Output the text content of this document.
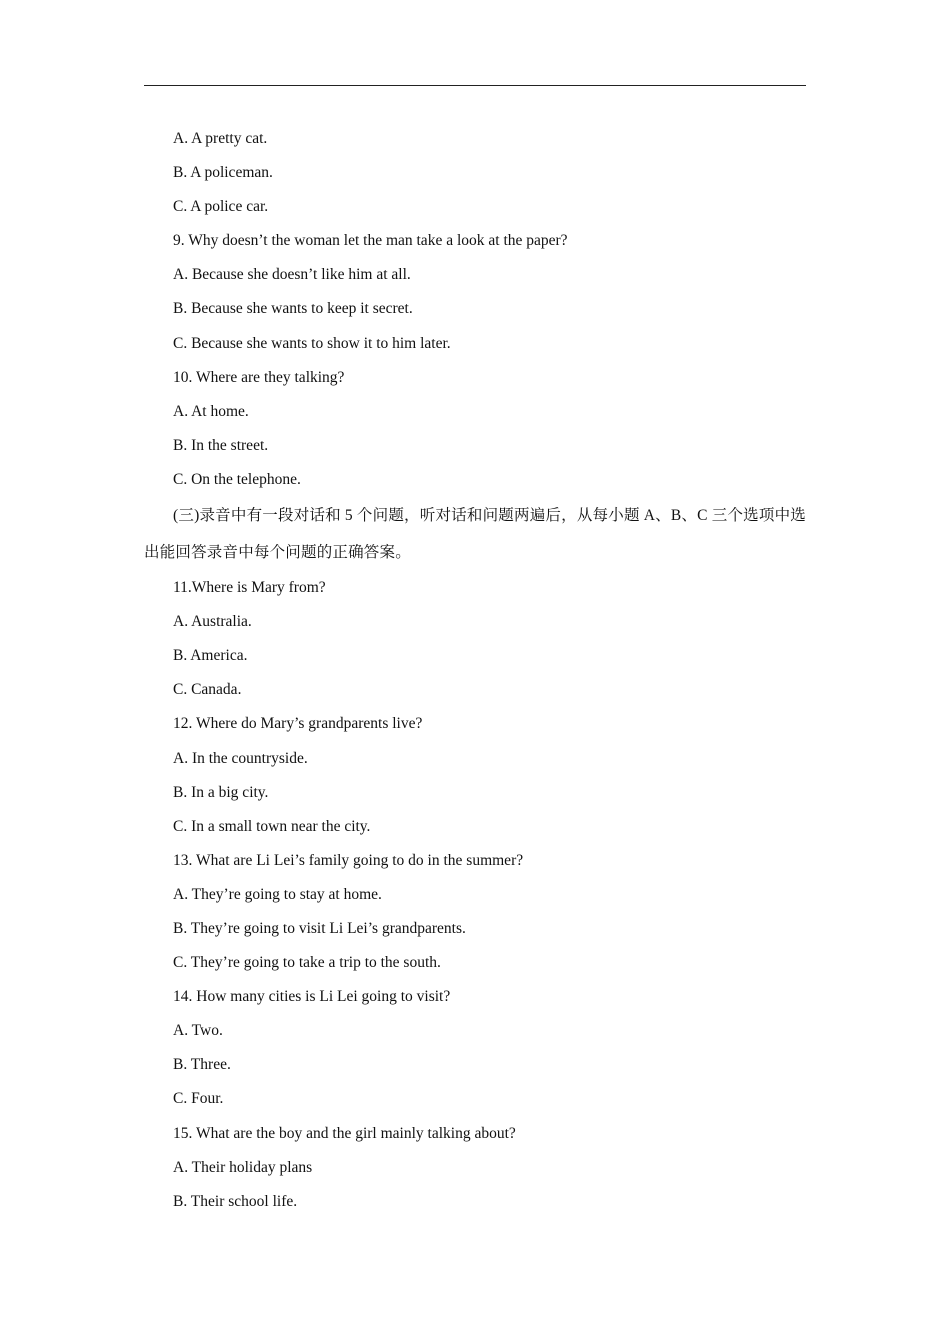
A. A pretty cat.
B. A policeman.
C. A police car.
9. Why doesn’t the woman let the man take a look at the paper?
A. Because she doesn’t like him at all.
B. Because she wants to keep it secret.
C. Because she wants to show it to him later.
10. Where are they talking?
A. At home.
B. In the street.
C. On the telephone.
(三)录音中有一段对话和 5 个问题，听对话和问题两遍后，从每小题 A、B、C 三个选项中选出能回答录音中每个问题的正确答案。
11.Where is Mary from?
A. Australia.
B. America.
C. Canada.
12. Where do Mary’s grandparents live?
A. In the countryside.
B. In a big city.
C. In a small town near the city.
13. What are Li Lei’s family going to do in the summer?
A. They’re going to stay at home.
B. They’re going to visit Li Lei’s grandparents.
C. They’re going to take a trip to the south.
14. How many cities is Li Lei going to visit?
A. Two.
B. Three.
C. Four.
15. What are the boy and the girl mainly talking about?
A. Their holiday plans
B. Their school life.
